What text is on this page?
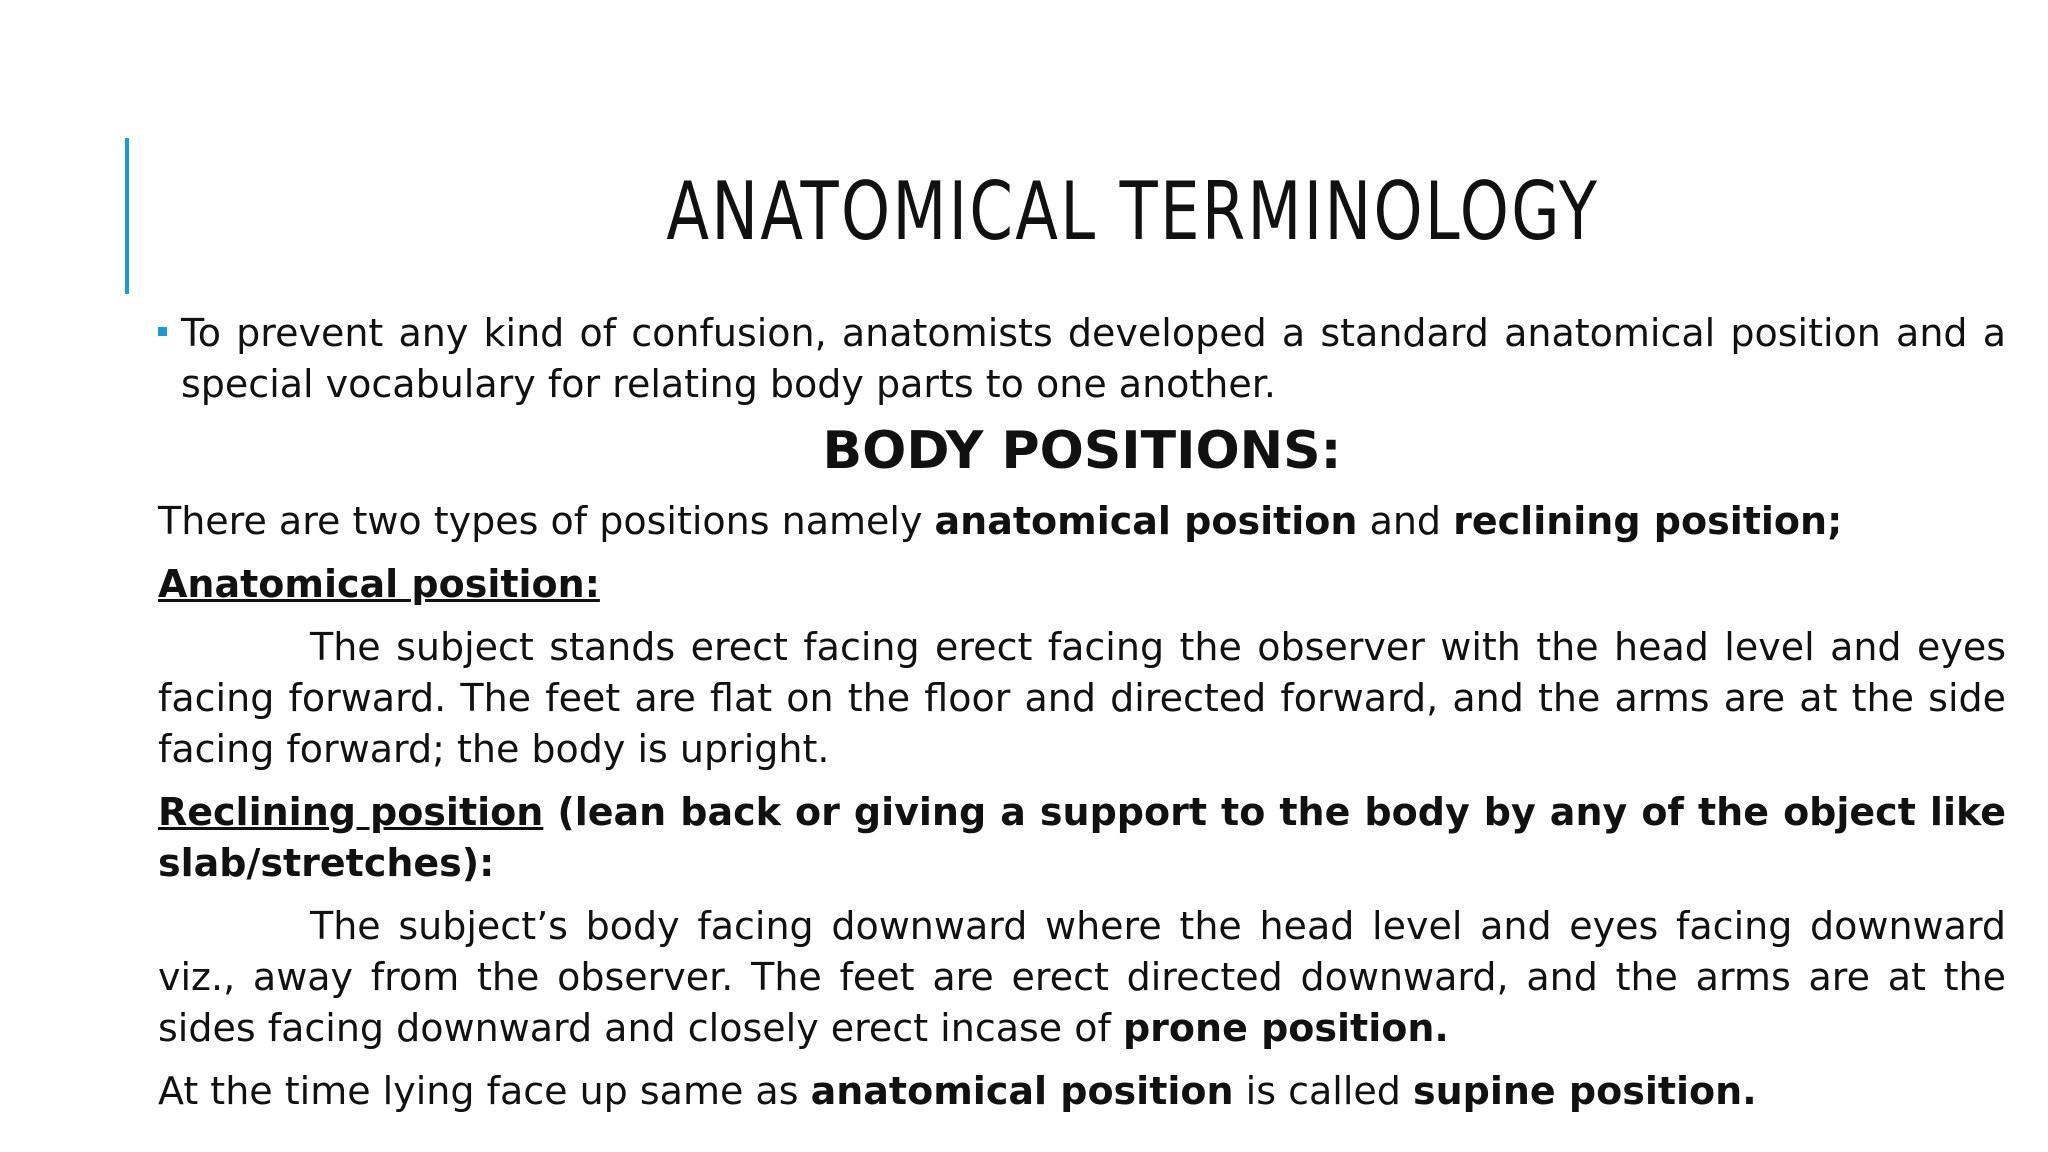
ANATOMICAL TERMINOLOGY

To prevent any kind of confusion, anatomists developed a standard anatomical position and a special vocabulary for relating body parts to one another.

BODY POSITIONS:

There are two types of positions namely anatomical position and reclining position;

Anatomical position:

The subject stands erect facing erect facing the observer with the head level and eyes facing forward. The feet are flat on the floor and directed forward, and the arms are at the side facing forward; the body is upright.

Reclining position (lean back or giving a support to the body by any of the object like slab/stretches):

The subject’s body facing downward where the head level and eyes facing downward viz., away from the observer. The feet are erect directed downward, and the arms are at the sides facing downward and closely erect incase of prone position.

At the time lying face up same as anatomical position is called supine position.
